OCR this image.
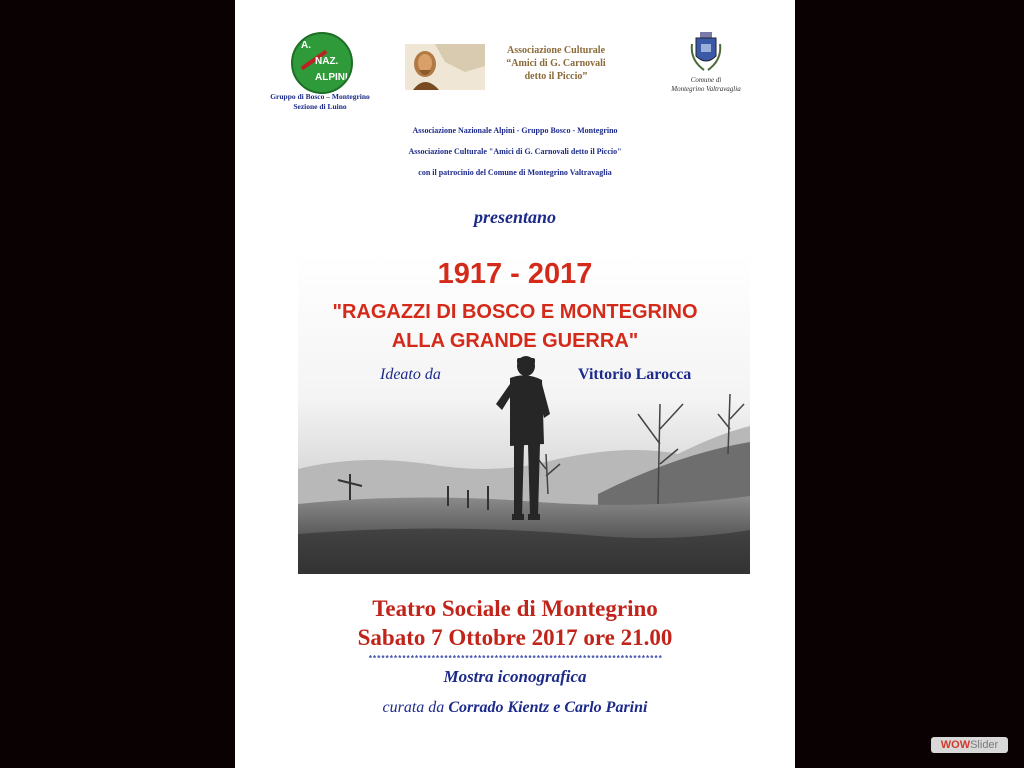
A.
NAZ.
ALPINI
Gruppo di Bosco – Montegrino
Sezione di Luino
Associazione Culturale
“Amici di G. Carnovali
detto il Piccio”	Comune di
Montegrino Valtravaglia
Associazione Nazionale Alpini - Gruppo Bosco - Montegrino
Associazione Culturale "Amici di G. Carnovali detto il Piccio"
con il patrocinio del Comune di Montegrino Valtravaglia
presentano
1917 - 2017
"RAGAZZI DI BOSCO E MONTEGRINO
ALLA GRANDE GUERRA"
Ideato da	Vittorio Larocca
Teatro Sociale di Montegrino
Sabato 7 Ottobre 2017 ore 21.00
**********************************************************************
Mostra iconografica
curata da Corrado Kientz e Carlo Parini
WOWSlider
